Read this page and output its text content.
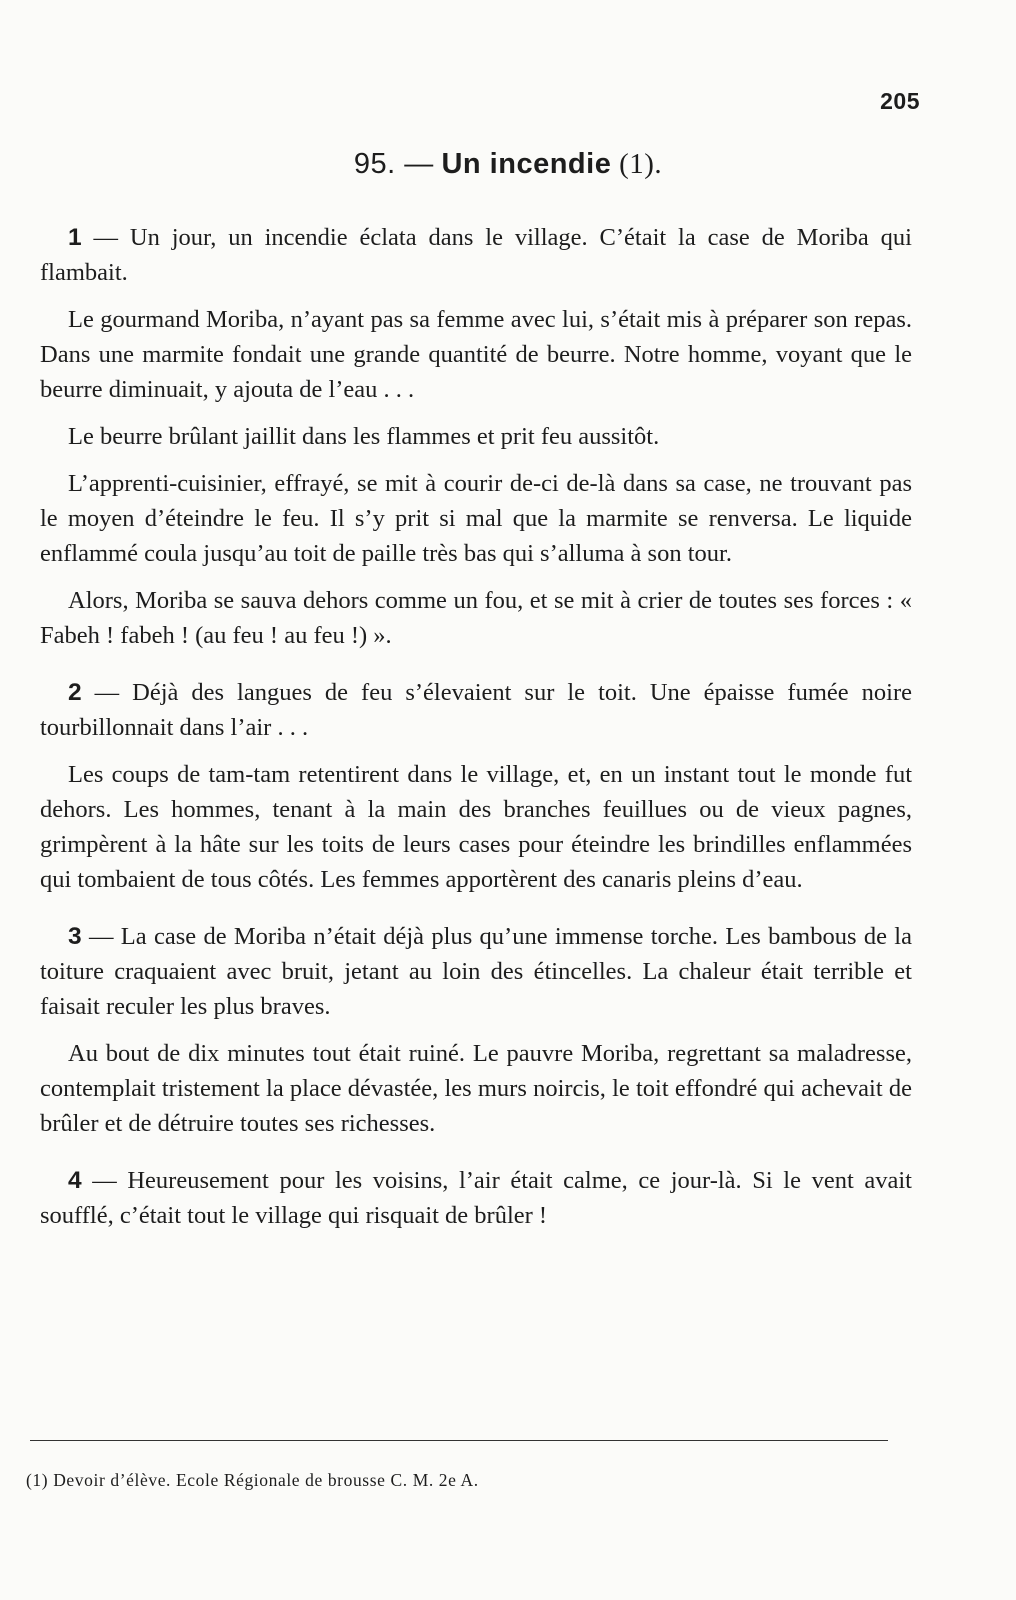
205
95. — Un incendie (1).

1 — Un jour, un incendie éclata dans le village. C’était la case de Moriba qui flambait.

Le gourmand Moriba, n’ayant pas sa femme avec lui, s’était mis à préparer son repas. Dans une marmite fondait une grande quantité de beurre. Notre homme, voyant que le beurre diminuait, y ajouta de l’eau . . .

Le beurre brûlant jaillit dans les flammes et prit feu aussitôt.

L’apprenti-cuisinier, effrayé, se mit à courir de-ci de-là dans sa case, ne trouvant pas le moyen d’éteindre le feu. Il s’y prit si mal que la marmite se renversa. Le liquide enflammé coula jusqu’au toit de paille très bas qui s’alluma à son tour.

Alors, Moriba se sauva dehors comme un fou, et se mit à crier de toutes ses forces : « Fabeh ! fabeh ! (au feu ! au feu !) ».

2 — Déjà des langues de feu s’élevaient sur le toit. Une épaisse fumée noire tourbillonnait dans l’air . . .

Les coups de tam-tam retentirent dans le village, et, en un instant tout le monde fut dehors. Les hommes, tenant à la main des branches feuillues ou de vieux pagnes, grimpèrent à la hâte sur les toits de leurs cases pour éteindre les brindilles enflammées qui tombaient de tous côtés. Les femmes apportèrent des canaris pleins d’eau.

3 — La case de Moriba n’était déjà plus qu’une immense torche. Les bambous de la toiture craquaient avec bruit, jetant au loin des étincelles. La chaleur était terrible et faisait reculer les plus braves.

Au bout de dix minutes tout était ruiné. Le pauvre Moriba, regrettant sa maladresse, contemplait tristement la place dévastée, les murs noircis, le toit effondré qui achevait de brûler et de détruire toutes ses richesses.

4 — Heureusement pour les voisins, l’air était calme, ce jour-là. Si le vent avait soufflé, c’était tout le village qui risquait de brûler !

(1) Devoir d’élève. Ecole Régionale de brousse C. M. 2e A.
